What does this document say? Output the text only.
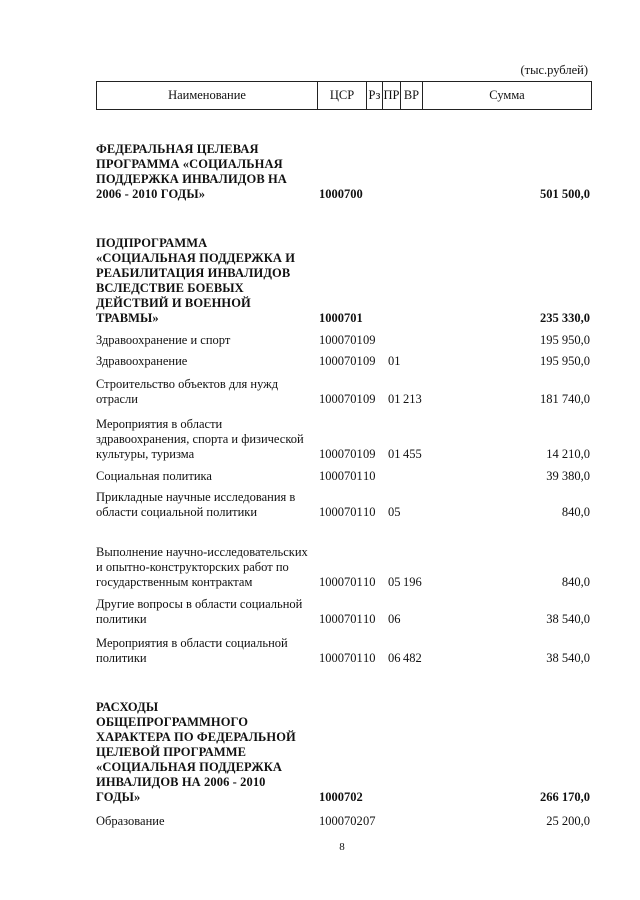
(тыс.рублей)
Наименование	ЦСР	Рз	ПР	ВР	Сумма
ФЕДЕРАЛЬНАЯ ЦЕЛЕВАЯ ПРОГРАММА «СОЦИАЛЬНАЯ ПОДДЕРЖКА ИНВАЛИДОВ НА 2006 - 2010 ГОДЫ»	1000700	501 500,0
ПОДПРОГРАММА «СОЦИАЛЬНАЯ ПОДДЕРЖКА И РЕАБИЛИТАЦИЯ ИНВАЛИДОВ ВСЛЕДСТВИЕ БОЕВЫХ ДЕЙСТВИЙ И ВОЕННОЙ ТРАВМЫ»	1000701	235 330,0
Здравоохранение и спорт	1000701 09	195 950,0
Здравоохранение	1000701 09 01	195 950,0
Строительство объектов для нужд отрасли	1000701 09 01 213	181 740,0
Мероприятия в области здравоохранения, спорта и физической культуры, туризма	1000701 09 01 455	14 210,0
Социальная политика	1000701 10	39 380,0
Прикладные научные исследования в области социальной политики	1000701 10 05	840,0
Выполнение научно-исследовательских и опытно-конструкторских работ по государственным контрактам	1000701 10 05 196	840,0
Другие вопросы в области социальной политики	1000701 10 06	38 540,0
Мероприятия в области социальной политики	1000701 10 06 482	38 540,0
РАСХОДЫ ОБЩЕПРОГРАММНОГО ХАРАКТЕРА ПО ФЕДЕРАЛЬНОЙ ЦЕЛЕВОЙ ПРОГРАММЕ «СОЦИАЛЬНАЯ ПОДДЕРЖКА ИНВАЛИДОВ НА 2006 - 2010 ГОДЫ»	1000702	266 170,0
Образование	1000702 07	25 200,0
8
